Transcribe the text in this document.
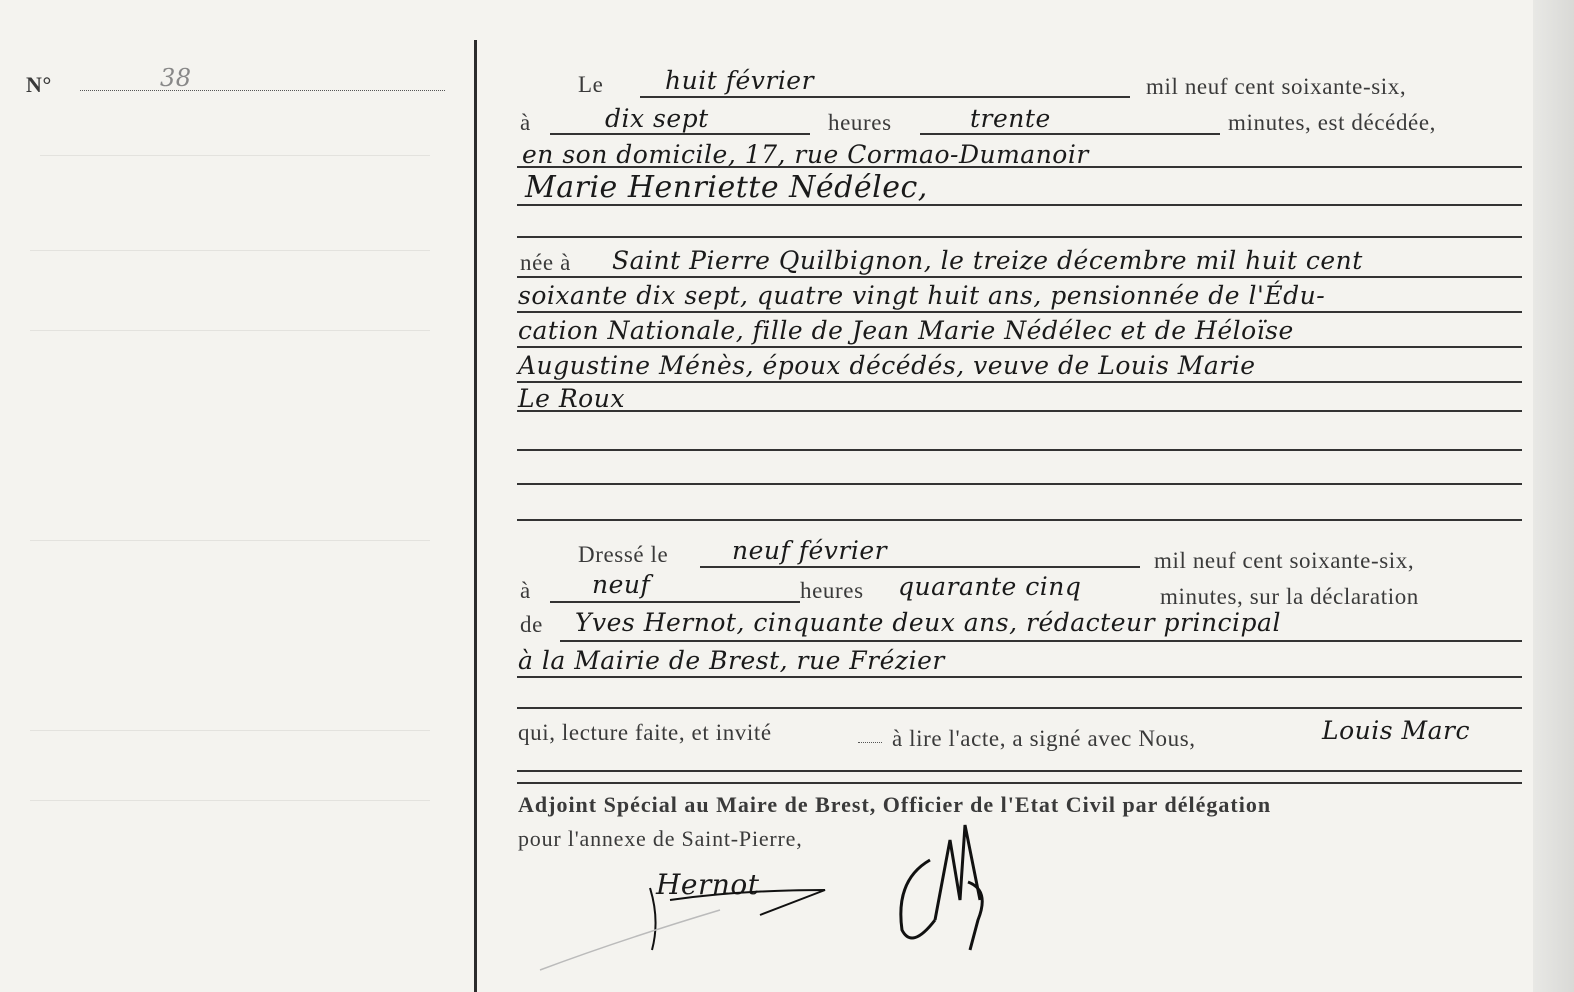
N°	38	Le huit février	mil neuf cent soixante-six,
à	dix sept	heures	trente	minutes, est décédée,
en son domicile, 17, rue Cormao-Dumanoir
Marie Henriette Nédélec,
née à Saint Pierre Quilbignon, le treize décembre mil huit cent
soixante dix sept, quatre vingt huit ans, pensionnée de l'Édu-
cation Nationale, fille de Jean Marie Nédélec et de Héloïse
Augustine Ménès, époux décédés, veuve de Louis Marie
Le Roux
Dressé le	neuf février	mil neuf cent soixante-six,
à neuf	heures quarante cinq	minutes, sur la déclaration
de Yves Hernot, cinquante deux ans, rédacteur principal
à la Mairie de Brest, rue Frézier
qui, lecture faite, et invité	à lire l'acte, a signé avec Nous,	Louis Marc
Adjoint Spécial au Maire de Brest, Officier de l'Etat Civil par délégation
pour l'annexe de Saint-Pierre,
Hernot
